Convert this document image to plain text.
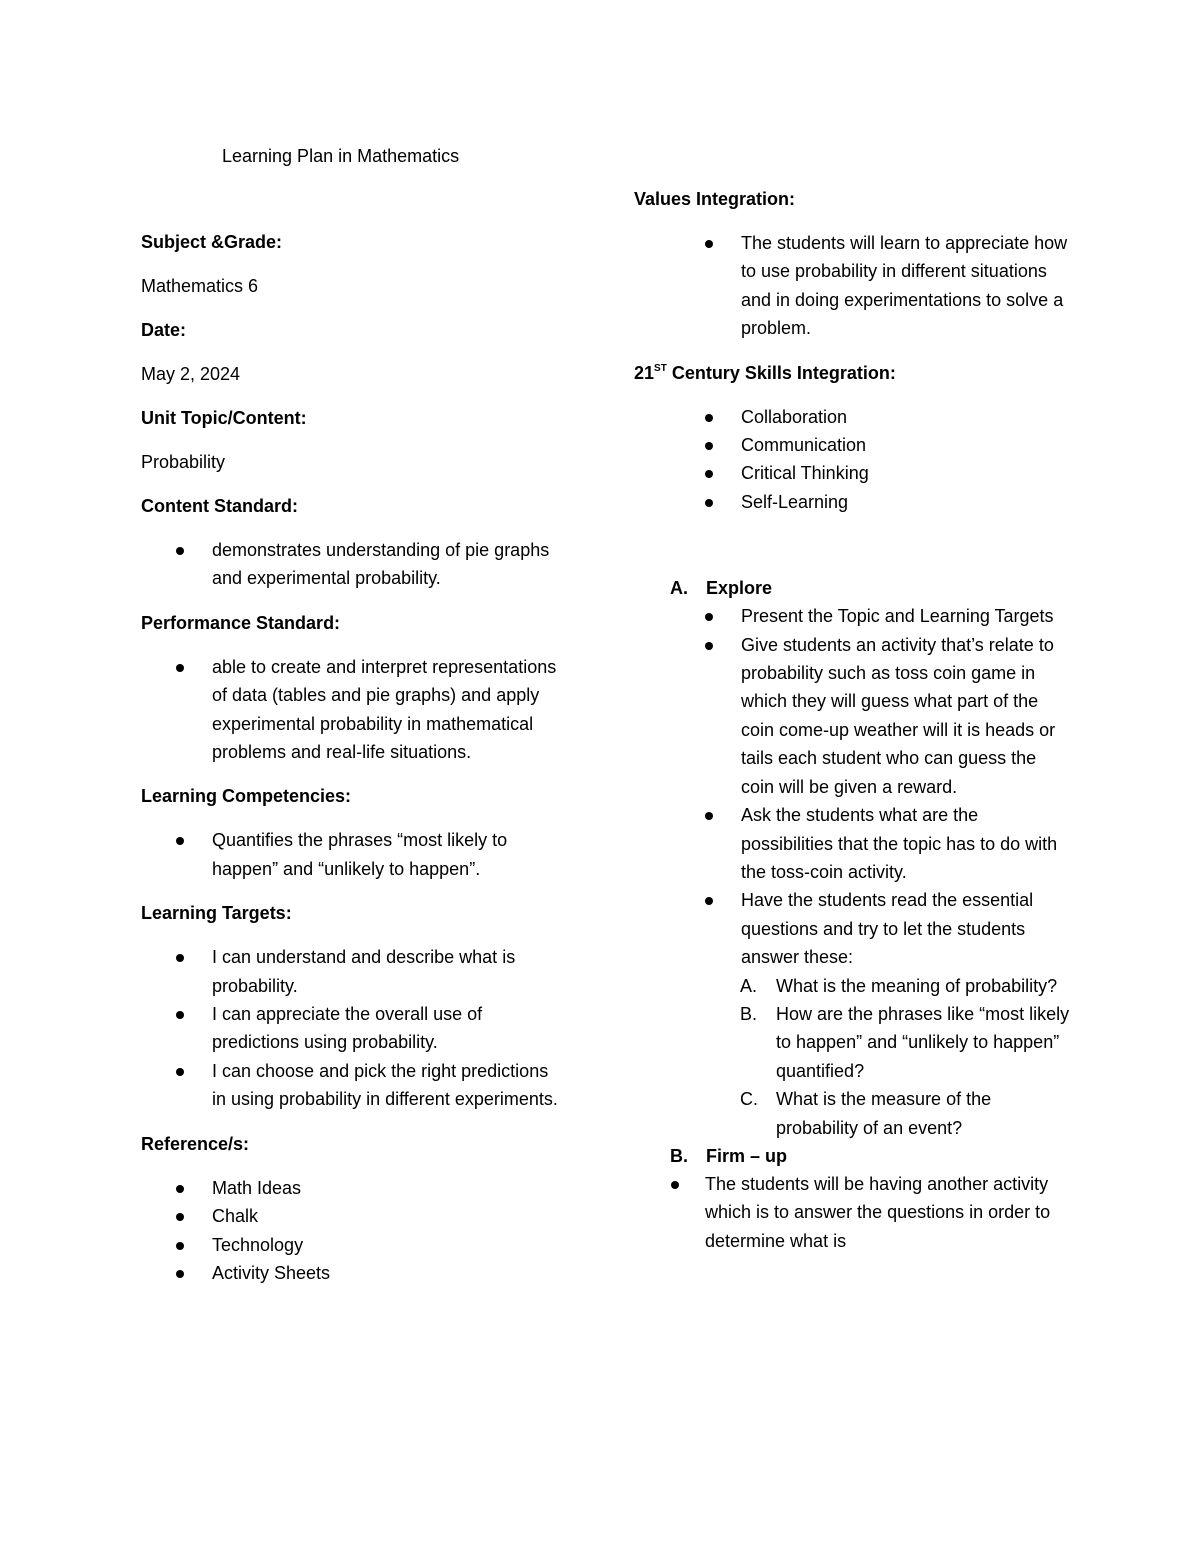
Learning Plan in Mathematics

Subject &Grade:

Mathematics 6

Date:

May 2, 2024

Unit Topic/Content:

Probability

Content Standard:

demonstrates understanding of pie graphs and experimental probability.

Performance Standard:

able to create and interpret representations of data (tables and pie graphs) and apply experimental probability in mathematical problems and real-life situations.

Learning Competencies:

Quantifies the phrases “most likely to happen” and “unlikely to happen”.

Learning Targets:

I can understand and describe what is probability.
I can appreciate the overall use of predictions using probability.
I can choose and pick the right predictions in using probability in different experiments.

Reference/s:

Math Ideas
Chalk
Technology
Activity Sheets

Values Integration:

The students will learn to appreciate how to use probability in different situations and in doing experimentations to solve a problem.

21ST Century Skills Integration:

Collaboration
Communication
Critical Thinking
Self-Learning
A. Explore
Present the Topic and Learning Targets
Give students an activity that’s relate to probability such as toss coin game in which they will guess what part of the coin come-up weather will it is heads or tails each student who can guess the coin will be given a reward.
Ask the students what are the possibilities that the topic has to do with the toss-coin activity.
Have the students read the essential questions and try to let the students answer these:
A. What is the meaning of probability?
B. How are the phrases like “most likely to happen” and “unlikely to happen” quantified?
C. What is the measure of the probability of an event?
B. Firm – up
The students will be having another activity which is to answer the questions in order to determine what is
